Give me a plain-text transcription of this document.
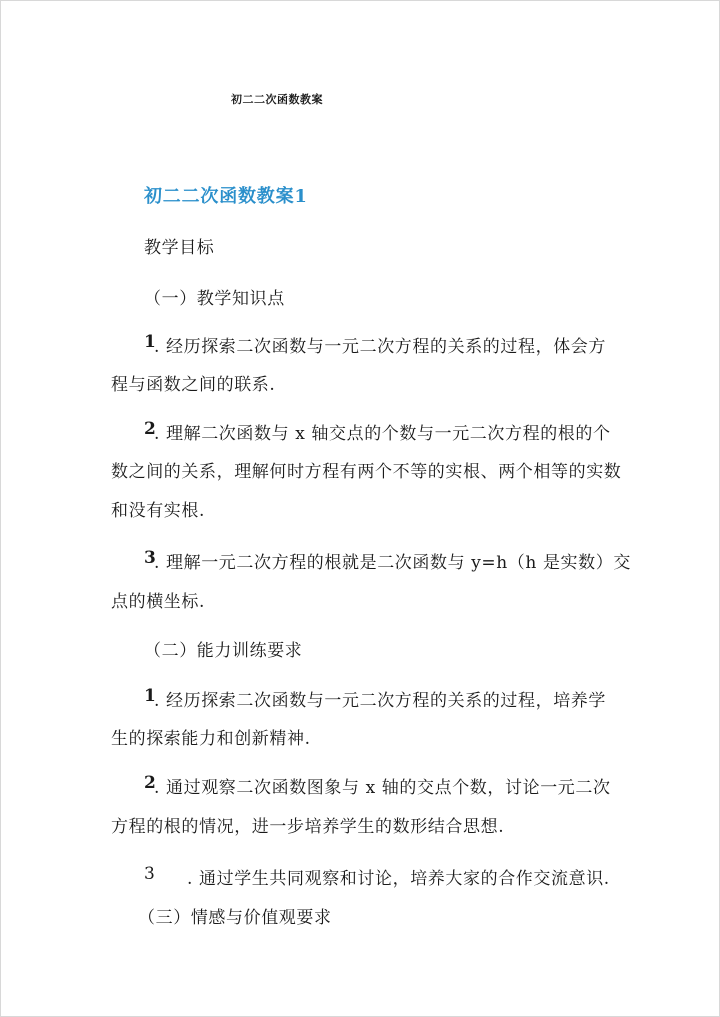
初二二次函数教案
初二二次函数教案1
教学目标
（一）教学知识点
1
. 经历探索二次函数与一元二次方程的关系的过程，体会方
程与函数之间的联系.
2
. 理解二次函数与 x 轴交点的个数与一元二次方程的根的个
数之间的关系，理解何时方程有两个不等的实根、两个相等的实数
和没有实根.
3
. 理解一元二次方程的根就是二次函数与 y=h（h 是实数）交
点的横坐标.
（二）能力训练要求
1
. 经历探索二次函数与一元二次方程的关系的过程，培养学
生的探索能力和创新精神.
2
. 通过观察二次函数图象与 x 轴的交点个数，讨论一元二次
方程的根的情况，进一步培养学生的数形结合思想.
3 . 通过学生共同观察和讨论，培养大家的合作交流意识.
（三）情感与价值观要求
